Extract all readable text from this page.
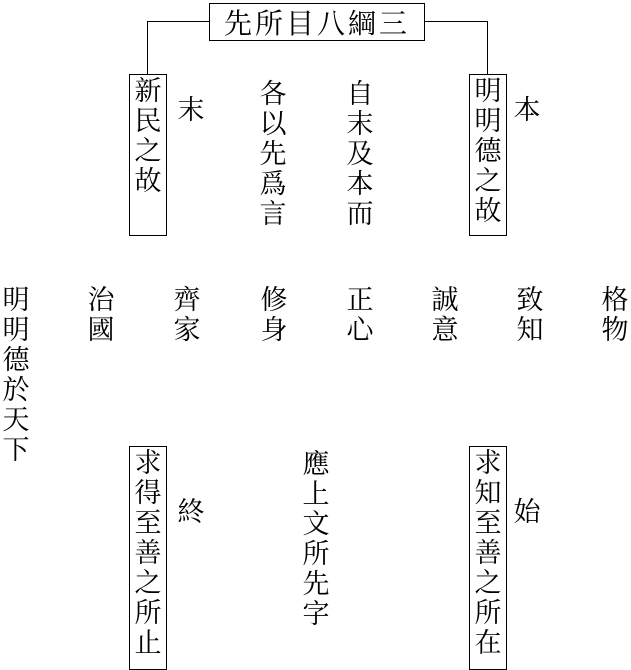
先所目八綱三
新
民
之
故
末
各
以
先
爲
言
自
末
及
本
而
明
明
德
之
故
本
格
物
致
知
誠
意
正
心
修
身
齊
家
治
國
明
明
德
於
天
下	求
得
至
善
之
所
止
終
應
上
文
所
先
字
求
知
至
善
之
所
在
始
